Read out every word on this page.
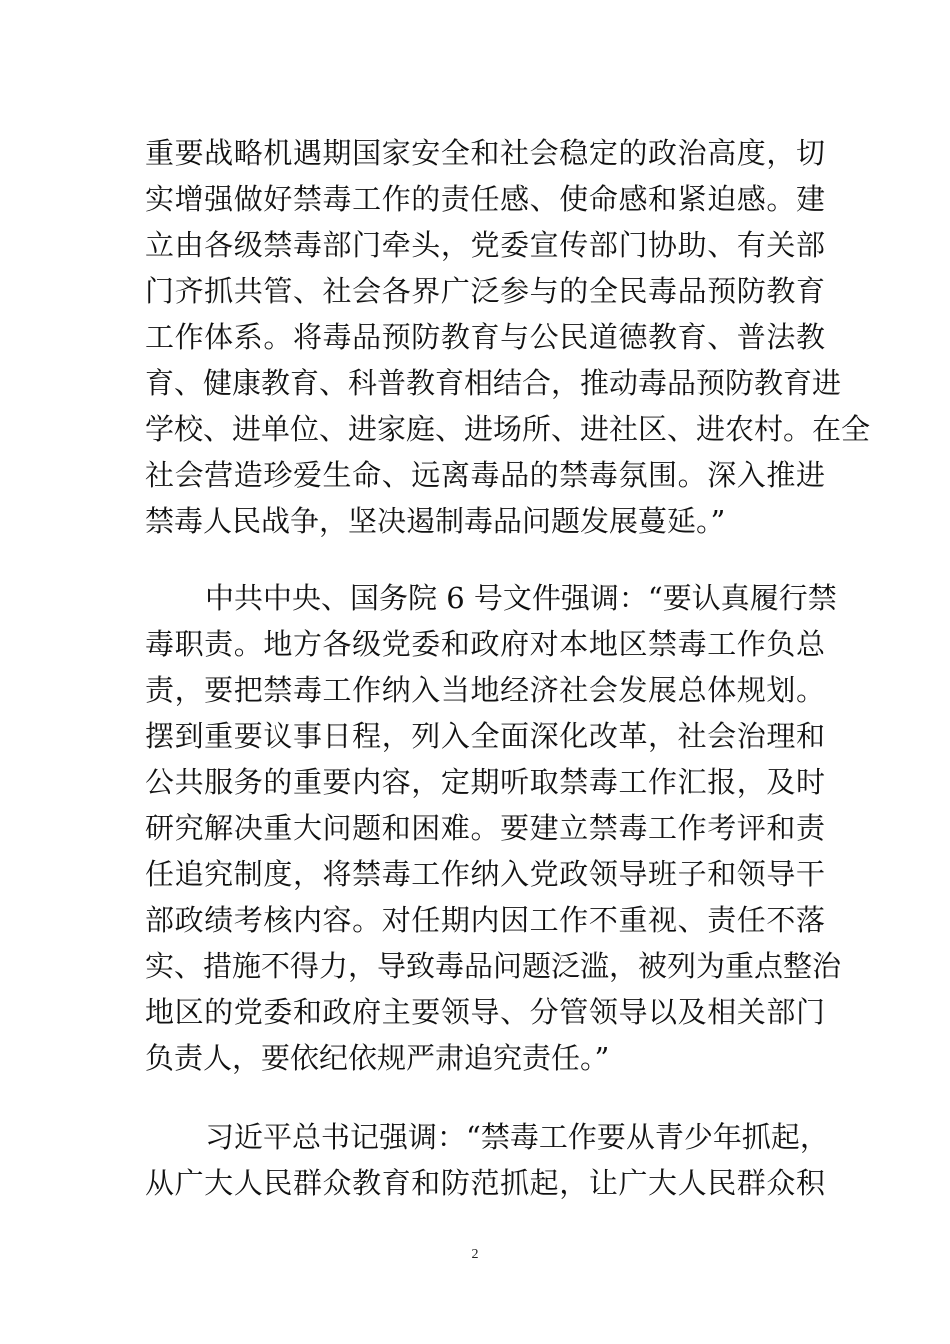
重要战略机遇期国家安全和社会稳定的政治高度，切
实增强做好禁毒工作的责任感、使命感和紧迫感。建
立由各级禁毒部门牵头，党委宣传部门协助、有关部
门齐抓共管、社会各界广泛参与的全民毒品预防教育
工作体系。将毒品预防教育与公民道德教育、普法教
育、健康教育、科普教育相结合，推动毒品预防教育进
学校、进单位、进家庭、进场所、进社区、进农村。在全
社会营造珍爱生命、远离毒品的禁毒氛围。深入推进
禁毒人民战争，坚决遏制毒品问题发展蔓延。”
中共中央、国务院 6 号文件强调：“要认真履行禁
毒职责。地方各级党委和政府对本地区禁毒工作负总
责，要把禁毒工作纳入当地经济社会发展总体规划。
摆到重要议事日程，列入全面深化改革，社会治理和
公共服务的重要内容，定期听取禁毒工作汇报，及时
研究解决重大问题和困难。要建立禁毒工作考评和责
任追究制度，将禁毒工作纳入党政领导班子和领导干
部政绩考核内容。对任期内因工作不重视、责任不落
实、措施不得力，导致毒品问题泛滥，被列为重点整治
地区的党委和政府主要领导、分管领导以及相关部门
负责人，要依纪依规严肃追究责任。”
习近平总书记强调：“禁毒工作要从青少年抓起，
从广大人民群众教育和防范抓起，让广大人民群众积
2
